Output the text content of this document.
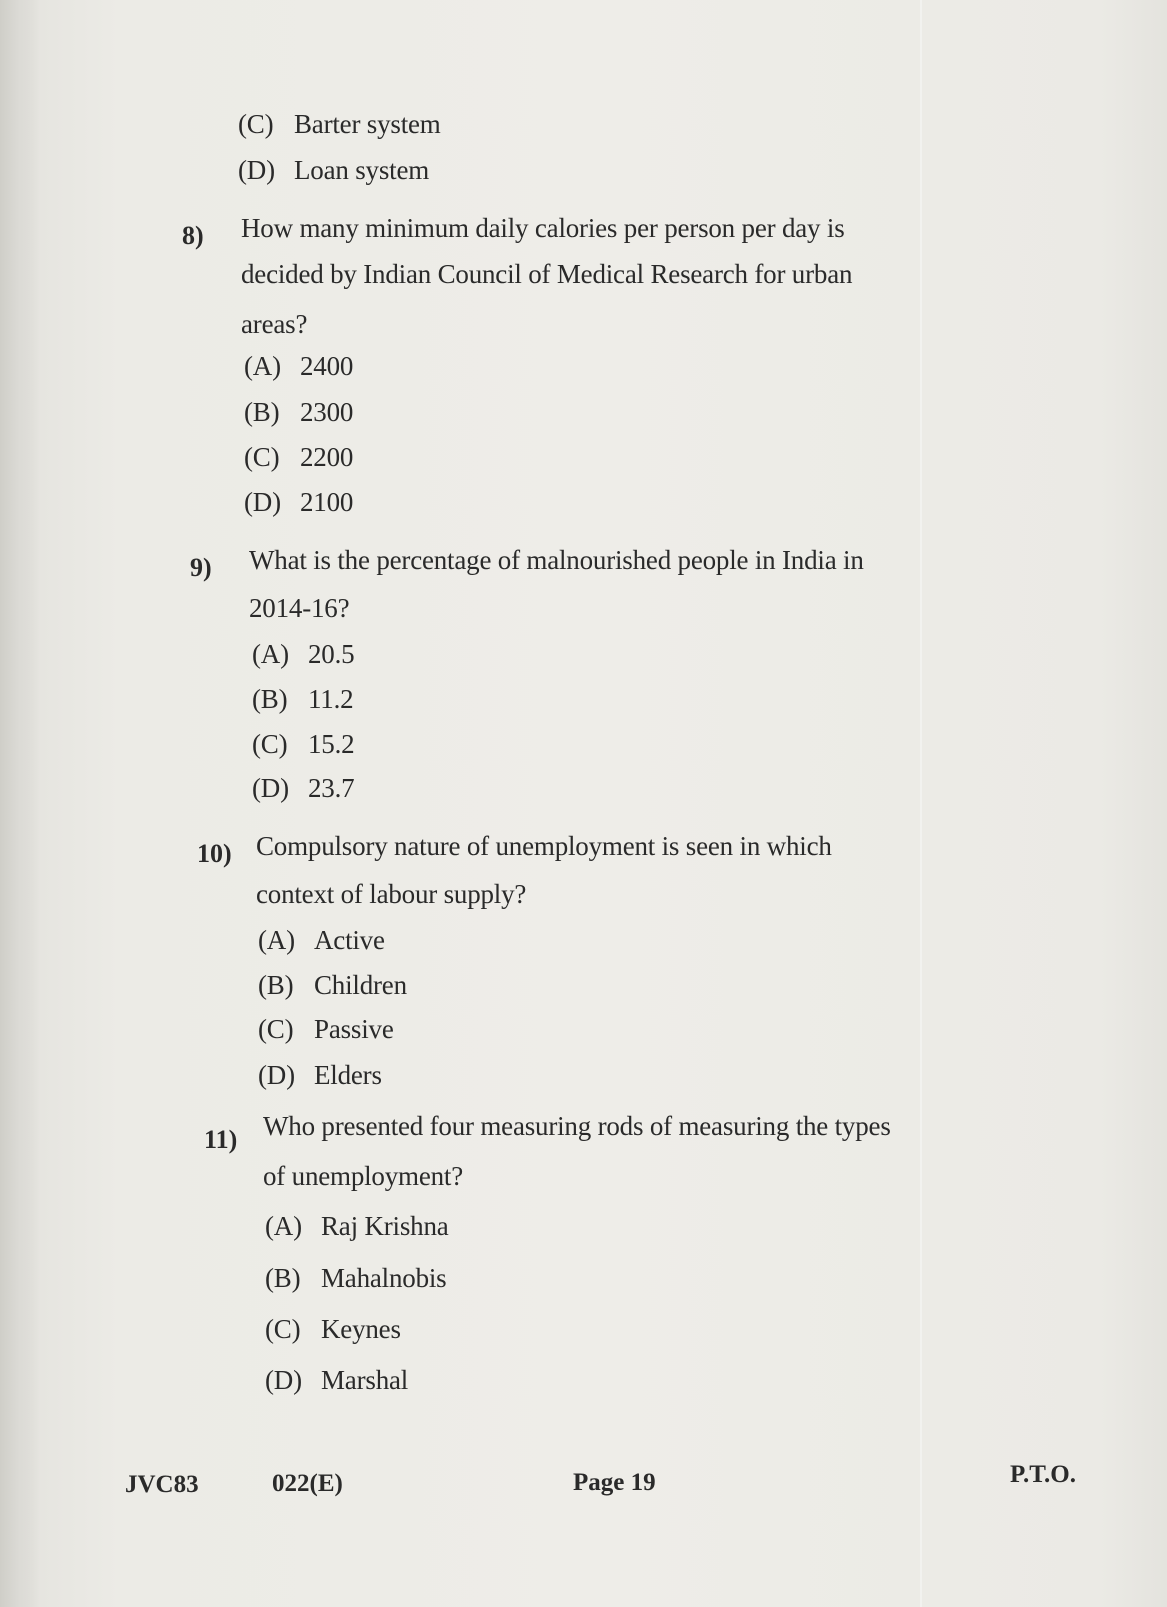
(C) Barter system
(D) Loan system
8) How many minimum daily calories per person per day is
decided by Indian Council of Medical Research for urban
areas?
(A) 2400
(B) 2300
(C) 2200
(D) 2100
9) What is the percentage of malnourished people in India in
2014-16?
(A) 20.5
(B) 11.2
(C) 15.2
(D) 23.7
10) Compulsory nature of unemployment is seen in which
context of labour supply?
(A) Active
(B) Children
(C) Passive
(D) Elders
11) Who presented four measuring rods of measuring the types
of unemployment?
(A) Raj Krishna
(B) Mahalnobis
(C) Keynes
(D) Marshal
JVC83	022(E)	Page 19	P.T.O.
